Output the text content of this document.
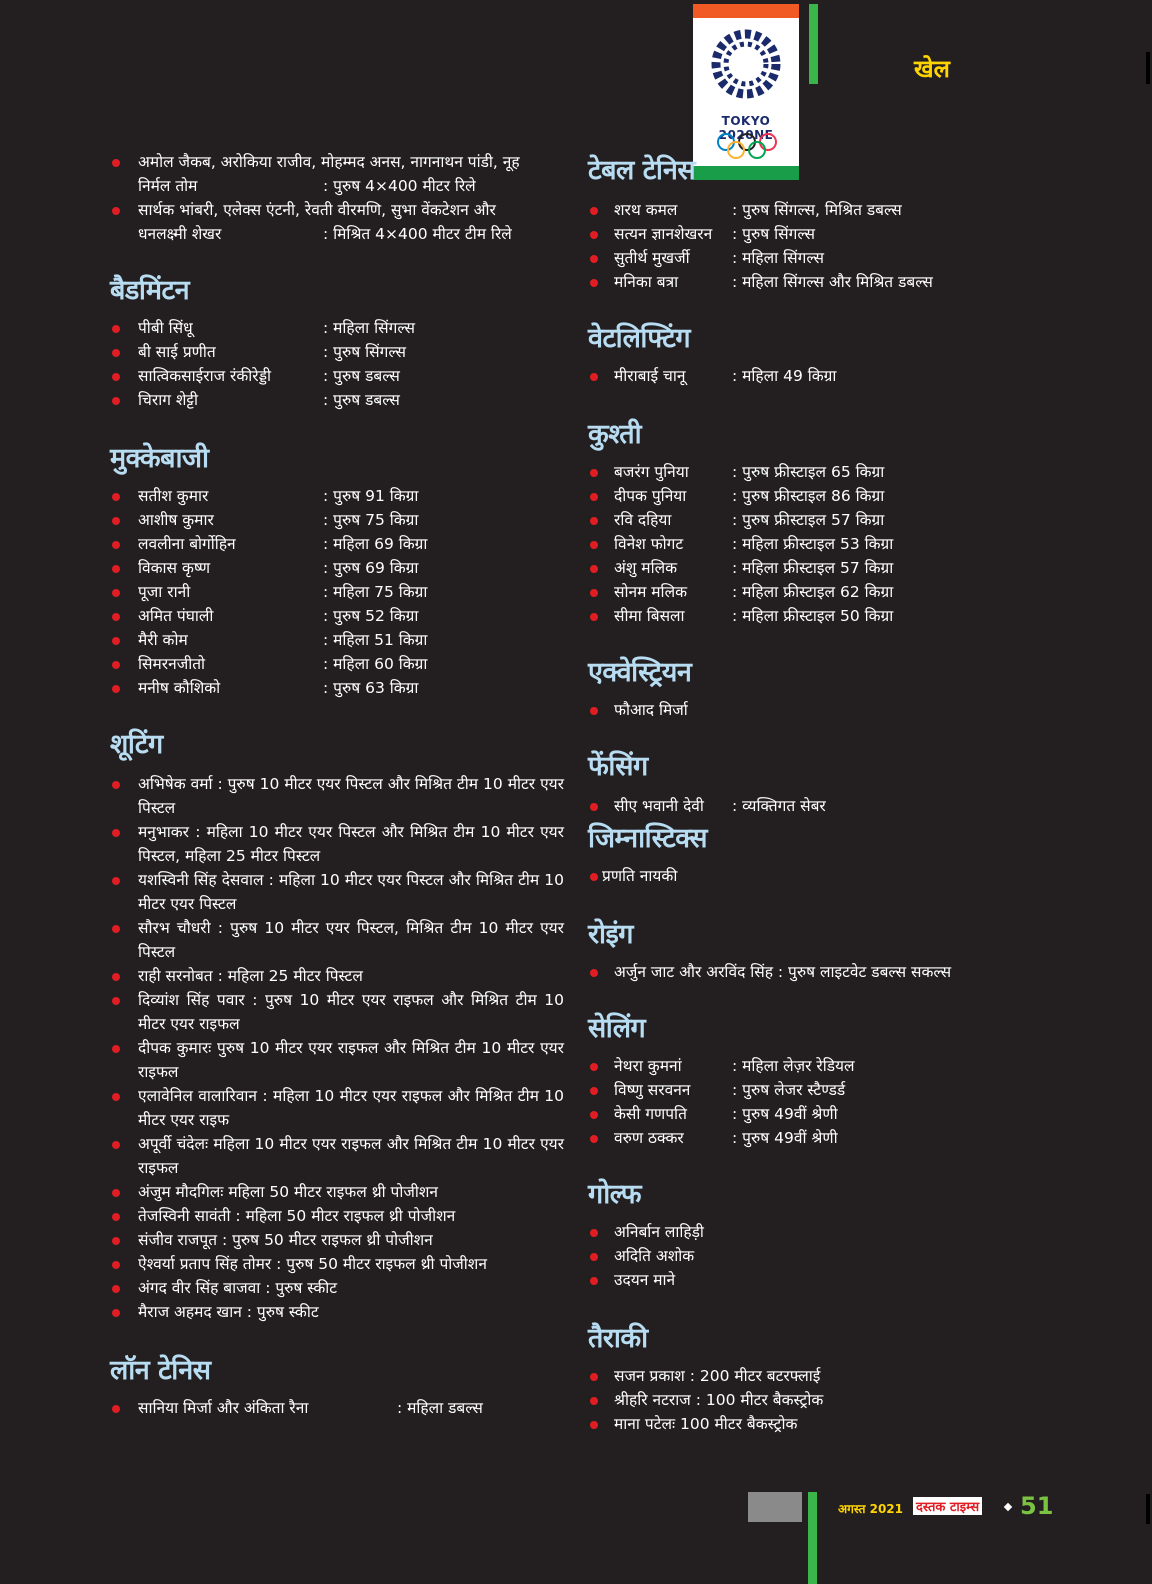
TOKYO 2020NE
खेल
अमोल जैकब, अरोकिया राजीव, मोहम्मद अनस, नागनाथन पांडी, नूह
निर्मल तोम	: पुरुष 4×400 मीटर रिले
सार्थक भांबरी, एलेक्स एंटनी, रेवती वीरमणि, सुभा वेंकटेशन और
धनलक्ष्मी शेखर	: मिश्रित 4×400 मीटर टीम रिले
बैडमिंटन
पीबी सिंधू	: महिला सिंगल्स
बी साई प्रणीत	: पुरुष सिंगल्स
सात्विकसाईराज रंकीरेड्डी	: पुरुष डबल्स
चिराग शेट्टी	: पुरुष डबल्स
मुक्केबाजी
सतीश कुमार	: पुरुष 91 किग्रा
आशीष कुमार	: पुरुष 75 किग्रा
लवलीना बोर्गोहिन	: महिला 69 किग्रा
विकास कृष्ण	: पुरुष 69 किग्रा
पूजा रानी	: महिला 75 किग्रा
अमित पंघाली	: पुरुष 52 किग्रा
मैरी कोम	: महिला 51 किग्रा
सिमरनजीतो	: महिला 60 किग्रा
मनीष कौशिको	: पुरुष 63 किग्रा
शूटिंग
अभिषेक वर्मा : पुरुष 10 मीटर एयर पिस्टल और मिश्रित टीम 10 मीटर एयर पिस्टल
मनुभाकर : महिला 10 मीटर एयर पिस्टल और मिश्रित टीम 10 मीटर एयर पिस्टल, महिला 25 मीटर पिस्टल
यशस्विनी सिंह देसवाल : महिला 10 मीटर एयर पिस्टल और मिश्रित टीम 10 मीटर एयर पिस्टल
सौरभ चौधरी : पुरुष 10 मीटर एयर पिस्टल, मिश्रित टीम 10 मीटर एयर पिस्टल
राही सरनोबत : महिला 25 मीटर पिस्टल
दिव्यांश सिंह पवार : पुरुष 10 मीटर एयर राइफल और मिश्रित टीम 10 मीटर एयर राइफल
दीपक कुमारः पुरुष 10 मीटर एयर राइफल और मिश्रित टीम 10 मीटर एयर राइफल
एलावेनिल वालारिवान : महिला 10 मीटर एयर राइफल और मिश्रित टीम 10 मीटर एयर राइफ
अपूर्वी चंदेलः महिला 10 मीटर एयर राइफल और मिश्रित टीम 10 मीटर एयर राइफल
अंजुम मौदगिलः महिला 50 मीटर राइफल थ्री पोजीशन
तेजस्विनी सावंती : महिला 50 मीटर राइफल थ्री पोजीशन
संजीव राजपूत : पुरुष 50 मीटर राइफल थ्री पोजीशन
ऐश्वर्या प्रताप सिंह तोमर : पुरुष 50 मीटर राइफल थ्री पोजीशन
अंगद वीर सिंह बाजवा : पुरुष स्कीट
मैराज अहमद खान : पुरुष स्कीट
लॉन टेनिस
सानिया मिर्जा और अंकिता रैना	: महिला डबल्स
टेबल टेनिस
शरथ कमल	: पुरुष सिंगल्स, मिश्रित डबल्स
सत्यन ज्ञानशेखरन : पुरुष सिंगल्स
सुतीर्थ मुखर्जी	: महिला सिंगल्स
मनिका बत्रा	: महिला सिंगल्स और मिश्रित डबल्स
वेटलिफ्टिंग
मीराबाई चानू	: महिला 49 किग्रा
कुश्ती
बजरंग पुनिया	: पुरुष फ्रीस्टाइल 65 किग्रा
दीपक पुनिया	: पुरुष फ्रीस्टाइल 86 किग्रा
रवि दहिया	: पुरुष फ्रीस्टाइल 57 किग्रा
विनेश फोगट	: महिला फ्रीस्टाइल 53 किग्रा
अंशु मलिक	: महिला फ्रीस्टाइल 57 किग्रा
सोनम मलिक	: महिला फ्रीस्टाइल 62 किग्रा
सीमा बिसला	: महिला फ्रीस्टाइल 50 किग्रा
एक्वेस्ट्रियन
फौआद मिर्जा
फेंसिंग
सीए भवानी देवी : व्यक्तिगत सेबर
जिम्नास्टिक्स
प्रणति नायकी
रोइंग
अर्जुन जाट और अरविंद सिंह : पुरुष लाइटवेट डबल्स सकल्स
सेलिंग
नेथरा कुमनां	: महिला लेज़र रेडियल
विष्णु सरवनन	: पुरुष लेजर स्टैण्डर्ड
केसी गणपति	: पुरुष 49वीं श्रेणी
वरुण ठक्कर	: पुरुष 49वीं श्रेणी
गोल्फ
अनिर्बान लाहिड़ी
अदिति अशोक
उदयन माने
तैराकी
सजन प्रकाश : 200 मीटर बटरफ्लाई
श्रीहरि नटराज : 100 मीटर बैकस्ट्रोक
माना पटेलः 100 मीटर बैकस्ट्रोक
अगस्त 2021 दस्तक टाइम्स 51
